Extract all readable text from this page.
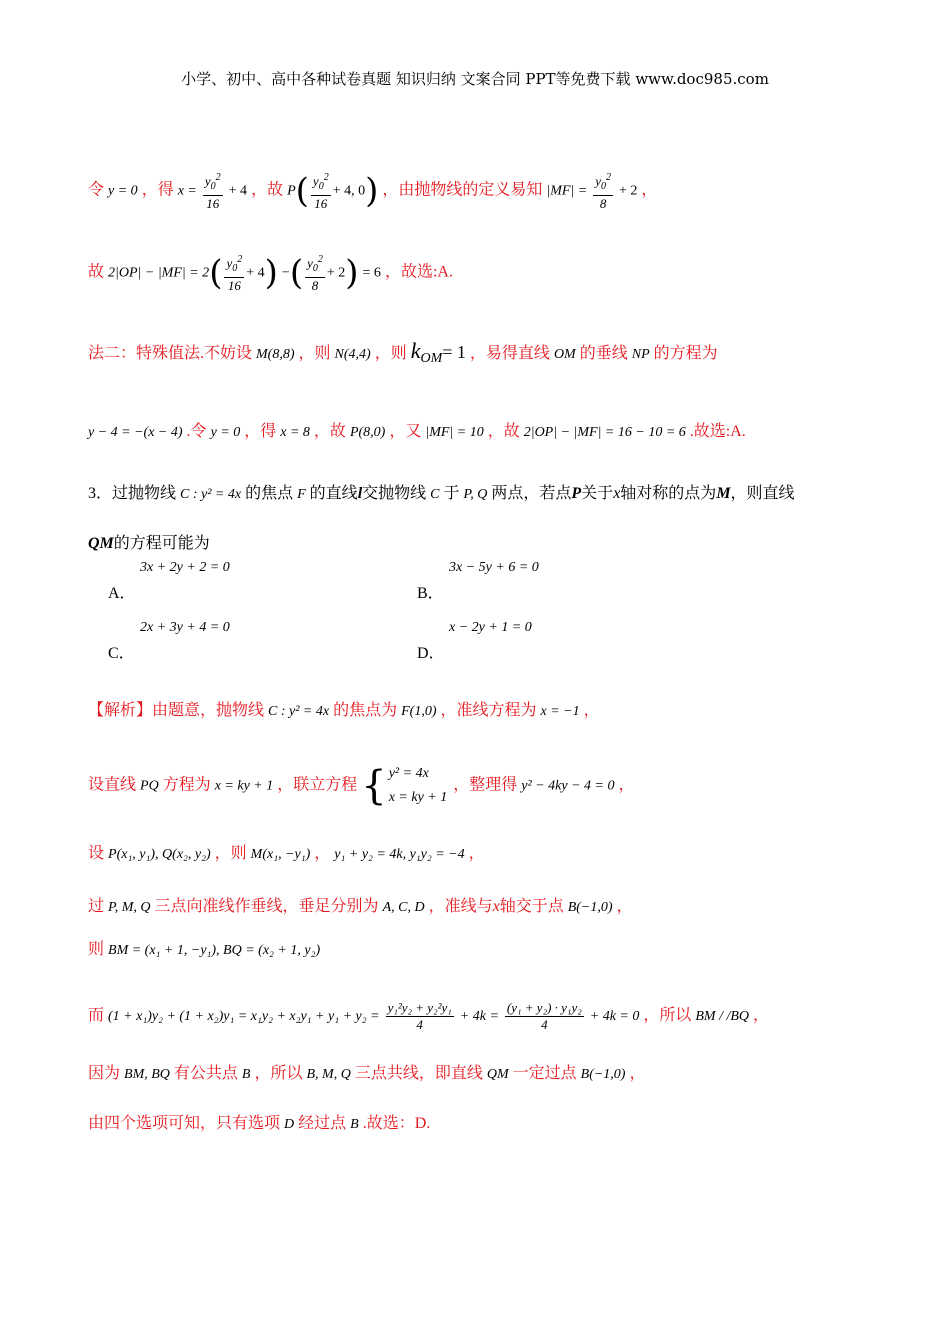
小学、初中、高中各种试卷真题 知识归纳 文案合同 PPT等免费下载 www.doc985.com
令 y = 0 ，得 $x = \frac{y_0^2}{16} + 4$ ，故 $P( \frac{y_0^2}{16} + 4$, 0) ，由抛物线的定义易知 $|MF| = \frac{y_0^2}{8} + 2$ ，
故 $2|OP| - |MF| = 2( \frac{y_0^2}{16} + 4)$ −( $\frac{y_0^2}{8} + 2) = 6$ ，故选:A.
法二：特殊值法.不妨设 M(8,8) ，则 N(4,4) ，则 $k_{OM}= 1$ ，易得直线 OM 的垂线 NP 的方程为
y − 4 = −(x − 4) .令 y = 0 ，得 x = 8 ，故 P(8,0) ，又 |MF| = 10 ，故 2|OP| − |MF| = 16 − 10 = 6 .故选:A.
3．过抛物线 C : y² = 4x 的焦点 F 的直线l交抛物线 C 于 P, Q 两点，若点P关于x轴对称的点为M，则直线
QM的方程可能为
A．
3x + 2y + 2 = 0
B．
3x − 5y + 6 = 0
C．
2x + 3y + 4 = 0
D．
x − 2y + 1 = 0
【解析】由题意，抛物线 C : y² = 4x 的焦点为 F(1,0) ，准线方程为 x = −1 ，
设直线 PQ 方程为 x = ky + 1 ，联立方程 { y² = 4x
x = ky + 1
，整理得 y² − 4ky − 4 = 0 ，
设 P(x₁, y₁), Q(x₂, y₂) ，则 M(x₁, −y₁) ， y₁ + y₂ = 4k, y₁y₂ = −4 ，
过 P, M, Q 三点向准线作垂线，垂足分别为 A, C, D ，准线与x轴交于点 B(−1,0) ，
则 BM = (x₁ + 1, −y₁), BQ = (x₂ + 1, y₂)
而 $(1 + x_1)y_2 + (1 + x_2)y_1 = x_1y_2 + x_2y_1 + y_1 + y_2 = \frac{\text{y₁²y₂ + y₂²y₁}}{4} + 4k = \frac{\text{(y₁ + y₂) · y₁y₂}}{4} + 4k = 0$ ，所以 BM / /BQ ，
因为 BM, BQ 有公共点 B ，所以 B, M, Q 三点共线，即直线 QM 一定过点 B(−1,0) ，
由四个选项可知，只有选项 D 经过点 B .故选：D.
